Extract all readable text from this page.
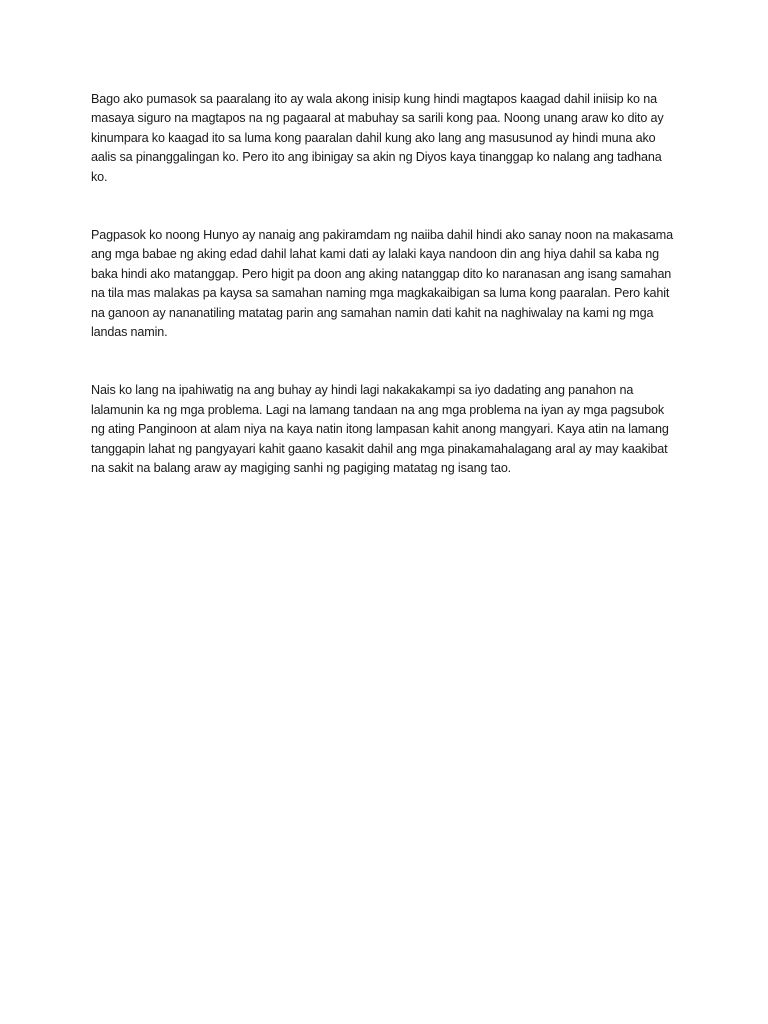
Bago ako pumasok sa paaralang ito ay wala akong inisip kung hindi magtapos kaagad dahil iniisip ko na masaya siguro na magtapos na ng pagaaral at mabuhay sa sarili kong paa. Noong unang araw ko dito ay kinumpara ko kaagad ito sa luma kong paaralan dahil kung ako lang ang masusunod ay hindi muna ako aalis sa pinanggalingan ko. Pero ito ang ibinigay sa akin ng Diyos kaya tinanggap ko nalang ang tadhana ko.

Pagpasok ko noong Hunyo ay nanaig ang pakiramdam ng naiiba dahil hindi ako sanay noon na makasama ang mga babae ng aking edad dahil lahat kami dati ay lalaki kaya nandoon din ang hiya dahil sa kaba ng baka hindi ako matanggap. Pero higit pa doon ang aking natanggap dito ko naranasan ang isang samahan na tila mas malakas pa kaysa sa samahan naming mga magkakaibigan sa luma kong paaralan. Pero kahit na ganoon ay nananatiling matatag parin ang samahan namin dati kahit na naghiwalay na kami ng mga landas namin.

Nais ko lang na ipahiwatig na ang buhay ay hindi lagi nakakakampi sa iyo dadating ang panahon na lalamunin ka ng mga problema. Lagi na lamang tandaan na ang mga problema na iyan ay mga pagsubok ng ating Panginoon at alam niya na kaya natin itong lampasan kahit anong mangyari. Kaya atin na lamang tanggapin lahat ng pangyayari kahit gaano kasakit dahil ang mga pinakamahalagang aral ay may kaakibat na sakit na balang araw ay magiging sanhi ng pagiging matatag ng isang tao.
